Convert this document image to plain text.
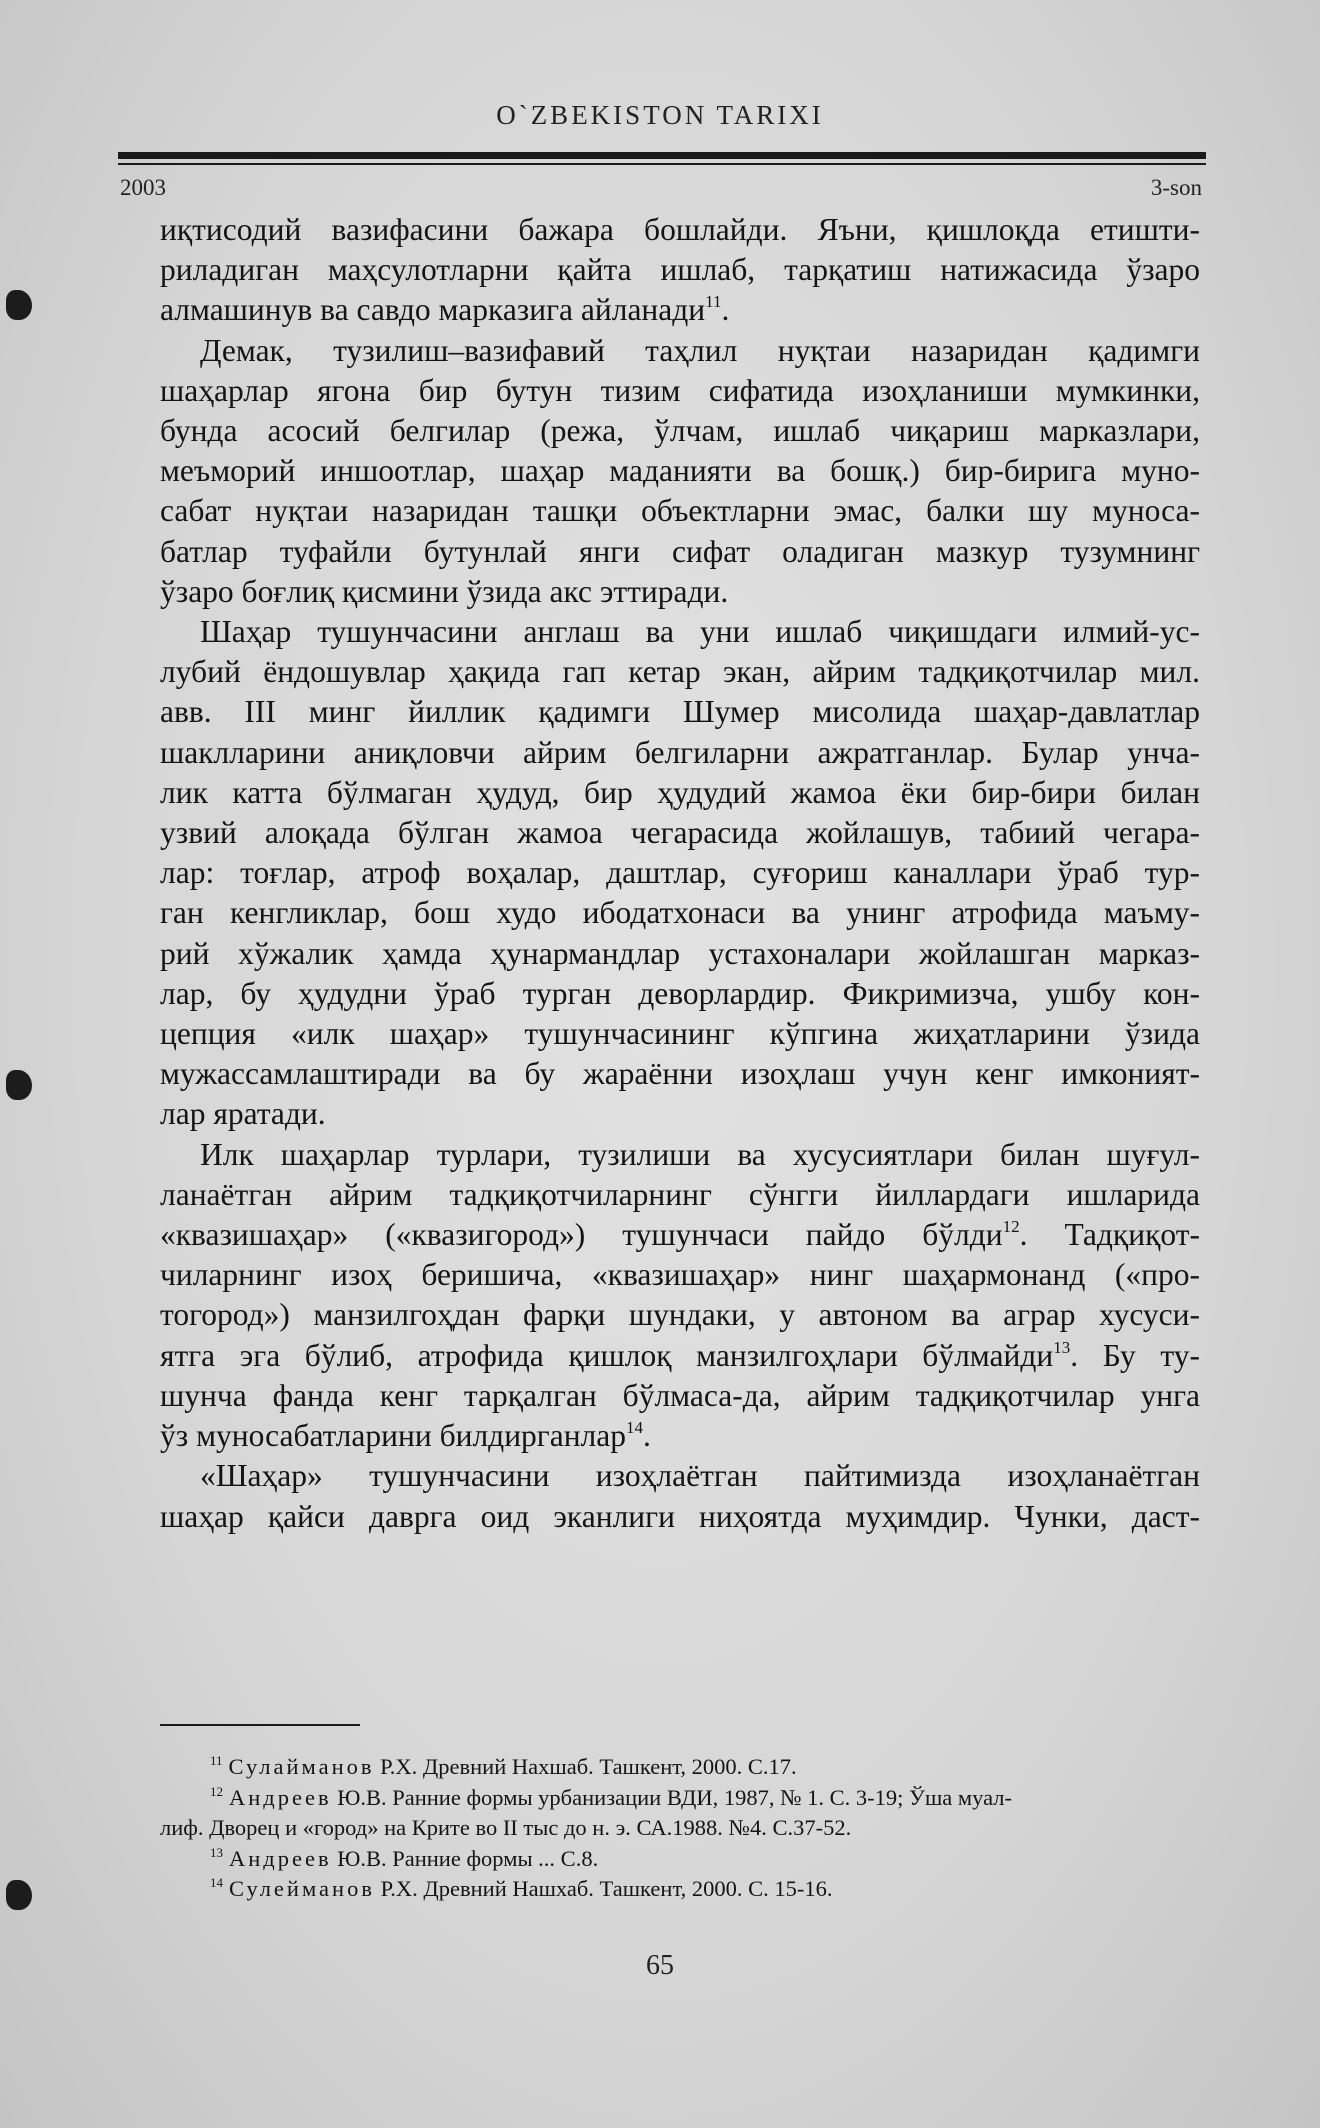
O`ZBEKISTON TARIXI
2003	3-son
иқтисодий вазифасини бажара бошлайди. Яъни, қишлоқда етишти-
риладиган маҳсулотларни қайта ишлаб, тарқатиш натижасида ўзаро
алмашинув ва савдо марказига айланади$^{11}$.
Демак, тузилиш–вазифавий таҳлил нуқтаи назаридан қадимги
шаҳарлар ягона бир бутун тизим сифатида изоҳланиши мумкинки,
бунда асосий белгилар (режа, ўлчам, ишлаб чиқариш марказлари,
меъморий иншоотлар, шаҳар маданияти ва бошқ.) бир-бирига муно-
сабат нуқтаи назаридан ташқи объектларни эмас, балки шу муноса-
батлар туфайли бутунлай янги сифат оладиган мазкур тузумнинг
ўзаро боғлиқ қисмини ўзида акс эттиради.
Шаҳар тушунчасини англаш ва уни ишлаб чиқишдаги илмий-ус-
лубий ёндошувлар ҳақида гап кетар экан, айрим тадқиқотчилар мил.
авв. III минг йиллик қадимги Шумер мисолида шаҳар-давлатлар
шаклларини аниқловчи айрим белгиларни ажратганлар. Булар унча-
лик катта бўлмаган ҳудуд, бир ҳудудий жамоа ёки бир-бири билан
узвий алоқада бўлган жамоа чегарасида жойлашув, табиий чегара-
лар: тоғлар, атроф воҳалар, даштлар, суғориш каналлари ўраб тур-
ган кенгликлар, бош худо ибодатхонаси ва унинг атрофида маъму-
рий хўжалик ҳамда ҳунармандлар устахоналари жойлашган марказ-
лар, бу ҳудудни ўраб турган деворлардир. Фикримизча, ушбу кон-
цепция «илк шаҳар» тушунчасининг кўпгина жиҳатларини ўзида
мужассамлаштиради ва бу жараённи изоҳлаш учун кенг имконият-
лар яратади.
Илк шаҳарлар турлари, тузилиши ва хусусиятлари билан шуғул-
ланаётган айрим тадқиқотчиларнинг сўнгги йиллардаги ишларида
«квазишаҳар» («квазигород») тушунчаси пайдо бўлди$^{12}$. Тадқиқот-
чиларнинг изоҳ беришича, «квазишаҳар» нинг шаҳармонанд («про-
тогород») манзилгоҳдан фарқи шундаки, у автоном ва аграр хусуси-
ятга эга бўлиб, атрофида қишлоқ манзилгоҳлари бўлмайди$^{13}$. Бу ту-
шунча фанда кенг тарқалган бўлмаса-да, айрим тадқиқотчилар унга
ўз муносабатларини билдирганлар$^{14}$.
«Шаҳар» тушунчасини изоҳлаётган пайтимизда изоҳланаётган
шаҳар қайси даврга оид эканлиги ниҳоятда муҳимдир. Чунки, даст-

$^{11}$ Сулайманов Р.Х. Древний Нахшаб. Ташкент, 2000. С.17.

$^{12}$ Андреев Ю.В. Ранние формы урбанизации ВДИ, 1987, № 1. С. 3-19; Ўша муал-

лиф. Дворец и «город» на Крите во II тыс до н. э. СА.1988. №4. С.37-52.

$^{13}$ Андреев Ю.В. Ранние формы ... С.8.

$^{14}$ Сулейманов Р.Х. Древний Нашхаб. Ташкент, 2000. С. 15-16.

65
